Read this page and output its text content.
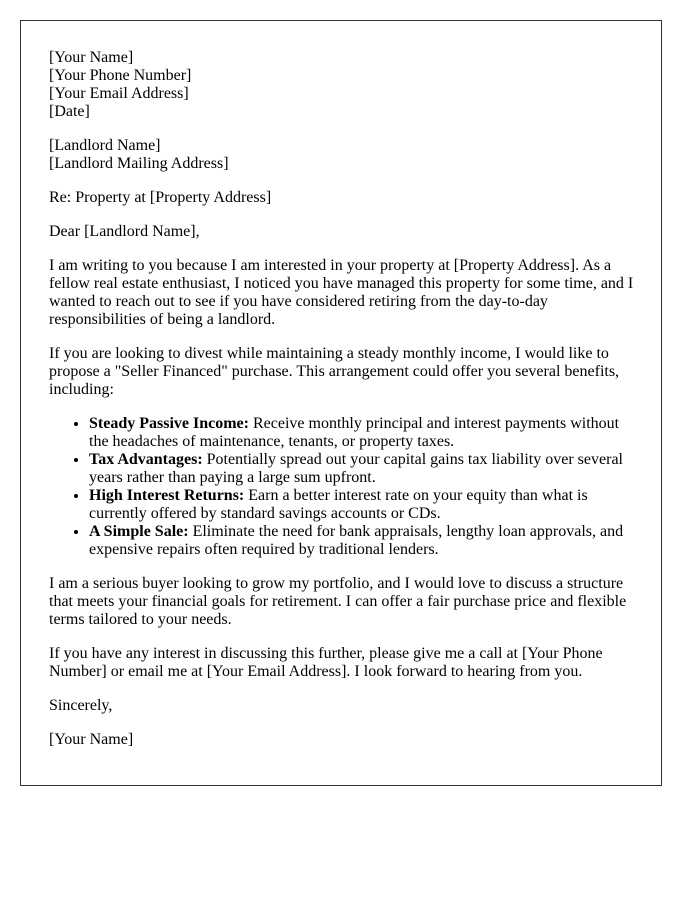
[Your Name]
[Your Phone Number]
[Your Email Address]
[Date]

[Landlord Name]
[Landlord Mailing Address]

Re: Property at [Property Address]

Dear [Landlord Name],

I am writing to you because I am interested in your property at [Property Address]. As a fellow real estate enthusiast, I noticed you have managed this property for some time, and I wanted to reach out to see if you have considered retiring from the day-to-day responsibilities of being a landlord.

If you are looking to divest while maintaining a steady monthly income, I would like to propose a "Seller Financed" purchase. This arrangement could offer you several benefits, including:

• Steady Passive Income: Receive monthly principal and interest payments without the headaches of maintenance, tenants, or property taxes.
• Tax Advantages: Potentially spread out your capital gains tax liability over several years rather than paying a large sum upfront.
• High Interest Returns: Earn a better interest rate on your equity than what is currently offered by standard savings accounts or CDs.
• A Simple Sale: Eliminate the need for bank appraisals, lengthy loan approvals, and expensive repairs often required by traditional lenders.

I am a serious buyer looking to grow my portfolio, and I would love to discuss a structure that meets your financial goals for retirement. I can offer a fair purchase price and flexible terms tailored to your needs.

If you have any interest in discussing this further, please give me a call at [Your Phone Number] or email me at [Your Email Address]. I look forward to hearing from you.

Sincerely,

[Your Name]
